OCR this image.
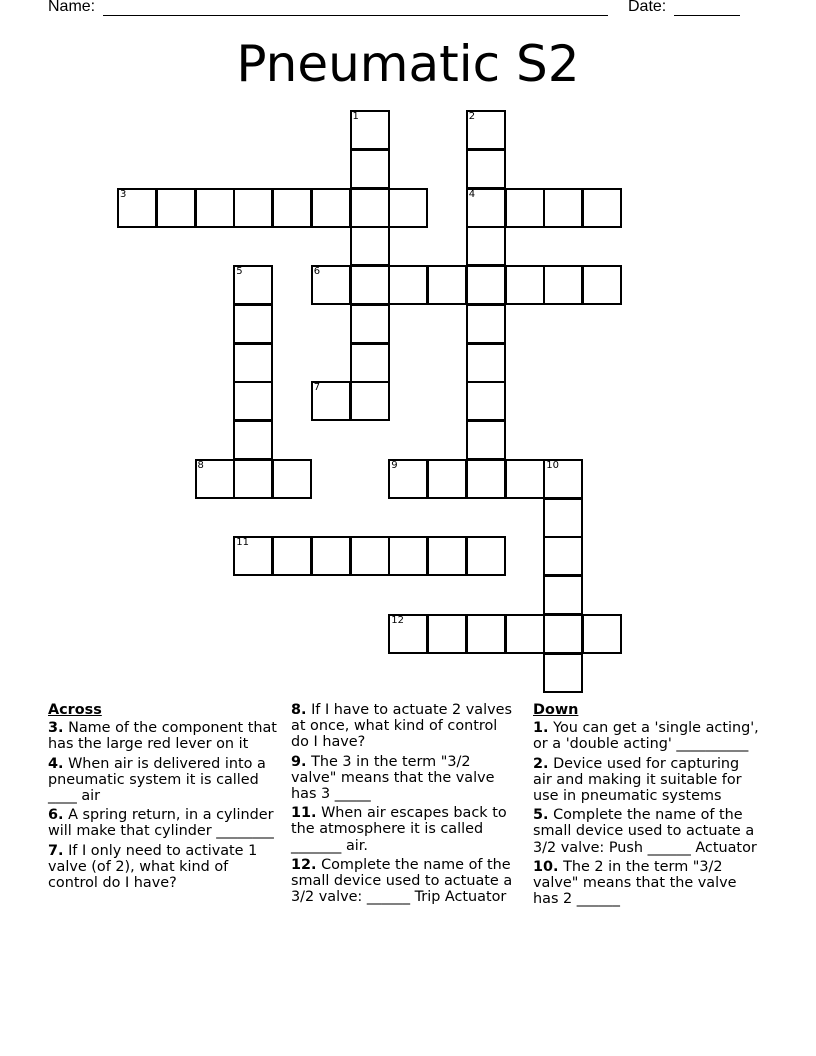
Name:	Date:
Pneumatic S2
3	4
6
7
8	9	10
11
12
1	2
5
Across
3. Name of the component that has the large red lever on it
4. When air is delivered into a pneumatic system it is called ____ air
6. A spring return, in a cylinder will make that cylinder ________
7. If I only need to activate 1 valve (of 2), what kind of control do I have?
8. If I have to actuate 2 valves at once, what kind of control do I have?
9. The 3 in the term "3/2 valve" means that the valve has 3 _____
11. When air escapes back to the atmosphere it is called _______ air.
12. Complete the name of the small device used to actuate a 3/2 valve: ______ Trip Actuator
Down
1. You can get a 'single acting', or a 'double acting' __________
2. Device used for capturing air and making it suitable for use in pneumatic systems
5. Complete the name of the small device used to actuate a 3/2 valve: Push ______ Actuator
10. The 2 in the term "3/2 valve" means that the valve has 2 ______
